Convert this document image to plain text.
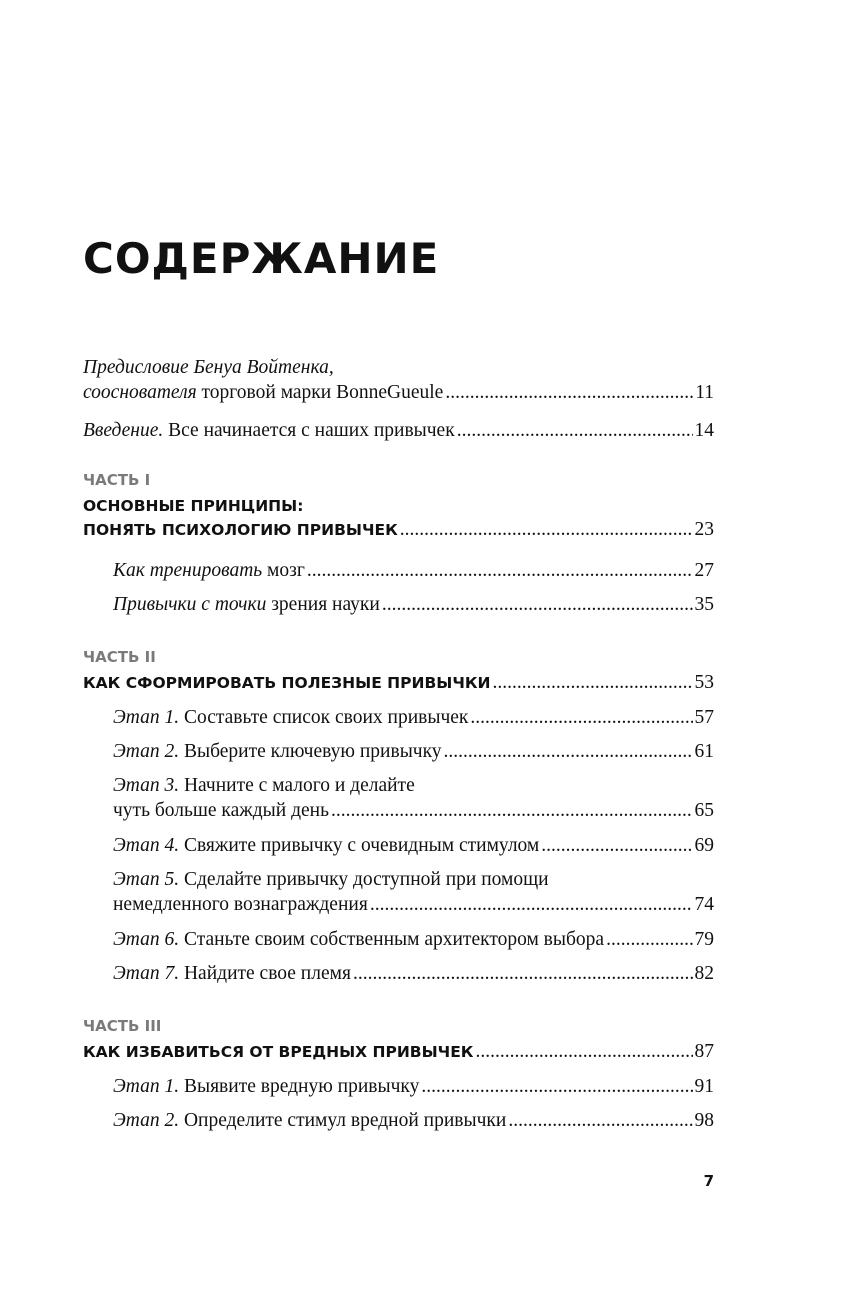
СОДЕРЖАНИЕ
Предисловие Бенуа Войтенка,
сооснователя торговой марки BonneGueule .....	11
Введение. Все начинается с наших привычек .....	14
ЧАСТЬ I
ОСНОВНЫЕ ПРИНЦИПЫ:
ПОНЯТЬ ПСИХОЛОГИЮ ПРИВЫЧЕК .....	23
Как тренировать мозг .....	27
Привычки с точки зрения науки .....	35
ЧАСТЬ II
КАК СФОРМИРОВАТЬ ПОЛЕЗНЫЕ ПРИВЫЧКИ .....	53
Этап 1. Составьте список своих привычек .....	57
Этап 2. Выберите ключевую привычку .....	61
Этап 3. Начните с малого и делайте
чуть больше каждый день .....	65
Этап 4. Свяжите привычку с очевидным стимулом .....	69
Этап 5. Сделайте привычку доступной при помощи
немедленного вознаграждения .....	74
Этап 6. Станьте своим собственным архитектором выбора .....	79
Этап 7. Найдите свое племя .....	82
ЧАСТЬ III
КАК ИЗБАВИТЬСЯ ОТ ВРЕДНЫХ ПРИВЫЧЕК .....	87
Этап 1. Выявите вредную привычку .....	91
Этап 2. Определите стимул вредной привычки .....	98
7
